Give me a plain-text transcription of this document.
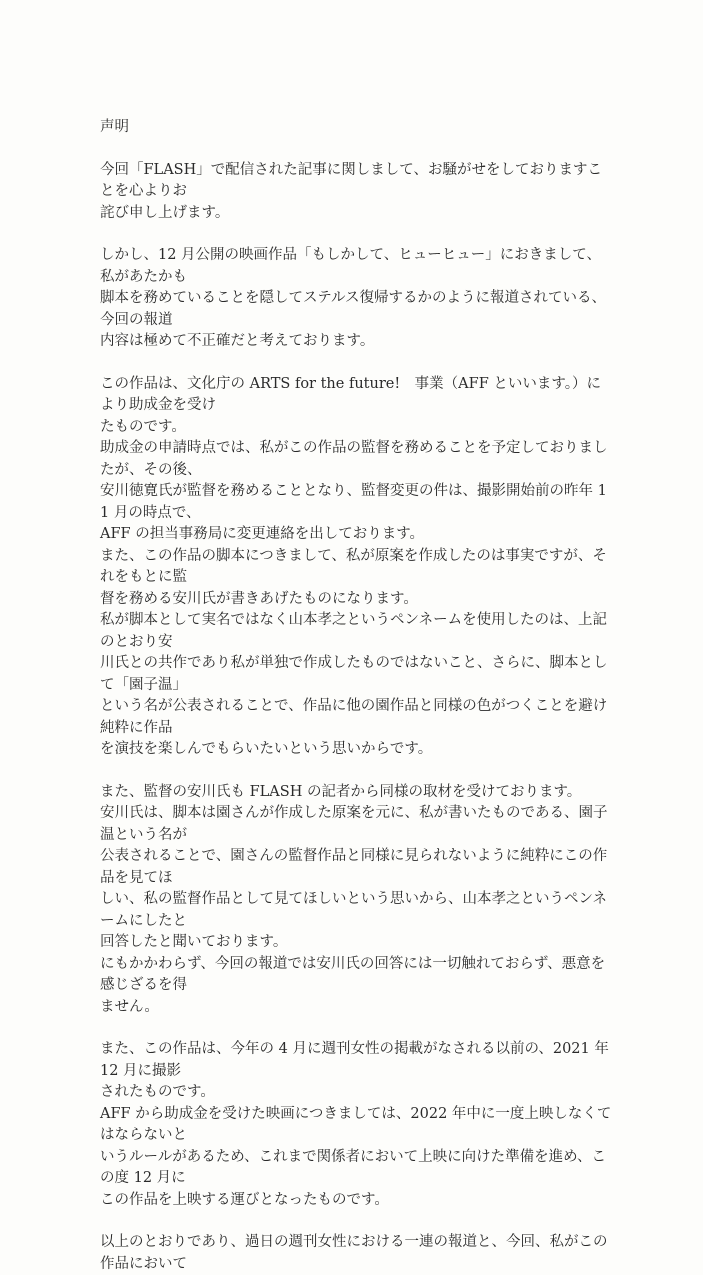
声明
今回「FLASH」で配信された記事に関しまして、お騒がせをしておりますことを心よりお
詫び申し上げます。
しかし、12 月公開の映画作品「もしかして、ヒューヒュー」におきまして、私があたかも
脚本を務めていることを隠してステルス復帰するかのように報道されている、今回の報道
内容は極めて不正確だと考えております。
この作品は、文化庁の ARTS for the future!　事業（AFF といいます。）により助成金を受け
たものです。
助成金の申請時点では、私がこの作品の監督を務めることを予定しておりましたが、その後、
安川徳寛氏が監督を務めることとなり、監督変更の件は、撮影開始前の昨年 11 月の時点で、
AFF の担当事務局に変更連絡を出しております。
また、この作品の脚本につきまして、私が原案を作成したのは事実ですが、それをもとに監
督を務める安川氏が書きあげたものになります。
私が脚本として実名ではなく山本孝之というペンネームを使用したのは、上記のとおり安
川氏との共作であり私が単独で作成したものではないこと、さらに、脚本として「園子温」
という名が公表されることで、作品に他の園作品と同様の色がつくことを避け純粋に作品
を演技を楽しんでもらいたいという思いからです。
また、監督の安川氏も FLASH の記者から同様の取材を受けております。
安川氏は、脚本は園さんが作成した原案を元に、私が書いたものである、園子温という名が
公表されることで、園さんの監督作品と同様に見られないように純粋にこの作品を見てほ
しい、私の監督作品として見てほしいという思いから、山本孝之というペンネームにしたと
回答したと聞いております。
にもかかわらず、今回の報道では安川氏の回答には一切触れておらず、悪意を感じざるを得
ません。
また、この作品は、今年の 4 月に週刊女性の掲載がなされる以前の、2021 年 12 月に撮影
されたものです。
AFF から助成金を受けた映画につきましては、2022 年中に一度上映しなくてはならないと
いうルールがあるため、これまで関係者において上映に向けた準備を進め、この度 12 月に
この作品を上映する運びとなったものです。
以上のとおりであり、過日の週刊女性における一連の報道と、今回、私がこの作品において
